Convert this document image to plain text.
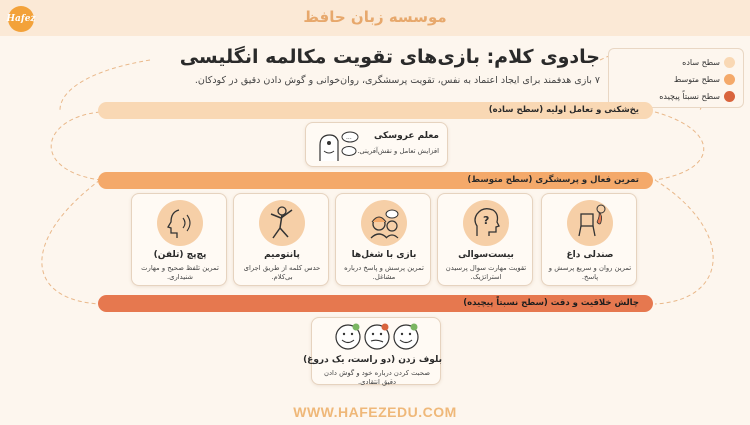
Hafez	موسسه زبان حافظ
سطح ساده
سطح متوسط
سطح نسبتاً پیچیده
جادوی کلام: بازی‌های تقویت مکالمه انگلیسی
۷ بازی هدفمند برای ایجاد اعتماد به نفس، تقویت پرسشگری، روان‌خوانی و گوش دادن دقیق در کودکان.
یخ‌شکنی و تعامل اولیه (سطح ساده)
معلم عروسکی
افزایش تعامل و نقش‌آفرینی.
...
تمرین فعال و پرسشگری (سطح متوسط)
صندلی داغ
تمرین روان و سریع پرسش و پاسخ.
?
بیست‌سوالی
تقویت مهارت سوال پرسیدن استراتژیک.
بازی با شغل‌ها
تمرین پرسش و پاسخ درباره مشاغل.
پانتومیم
حدس کلمه از طریق اجرای بی‌کلام.
پچ‌پچ (تلفن)
تمرین تلفظ صحیح و مهارت شنیداری.
چالش خلاقیت و دقت (سطح نسبتاً پیچیده)
بلوف زدن (دو راست، یک دروغ)
صحبت کردن درباره خود و گوش دادن دقیق انتقادی.
WWW.HAFEZEDU.COM
